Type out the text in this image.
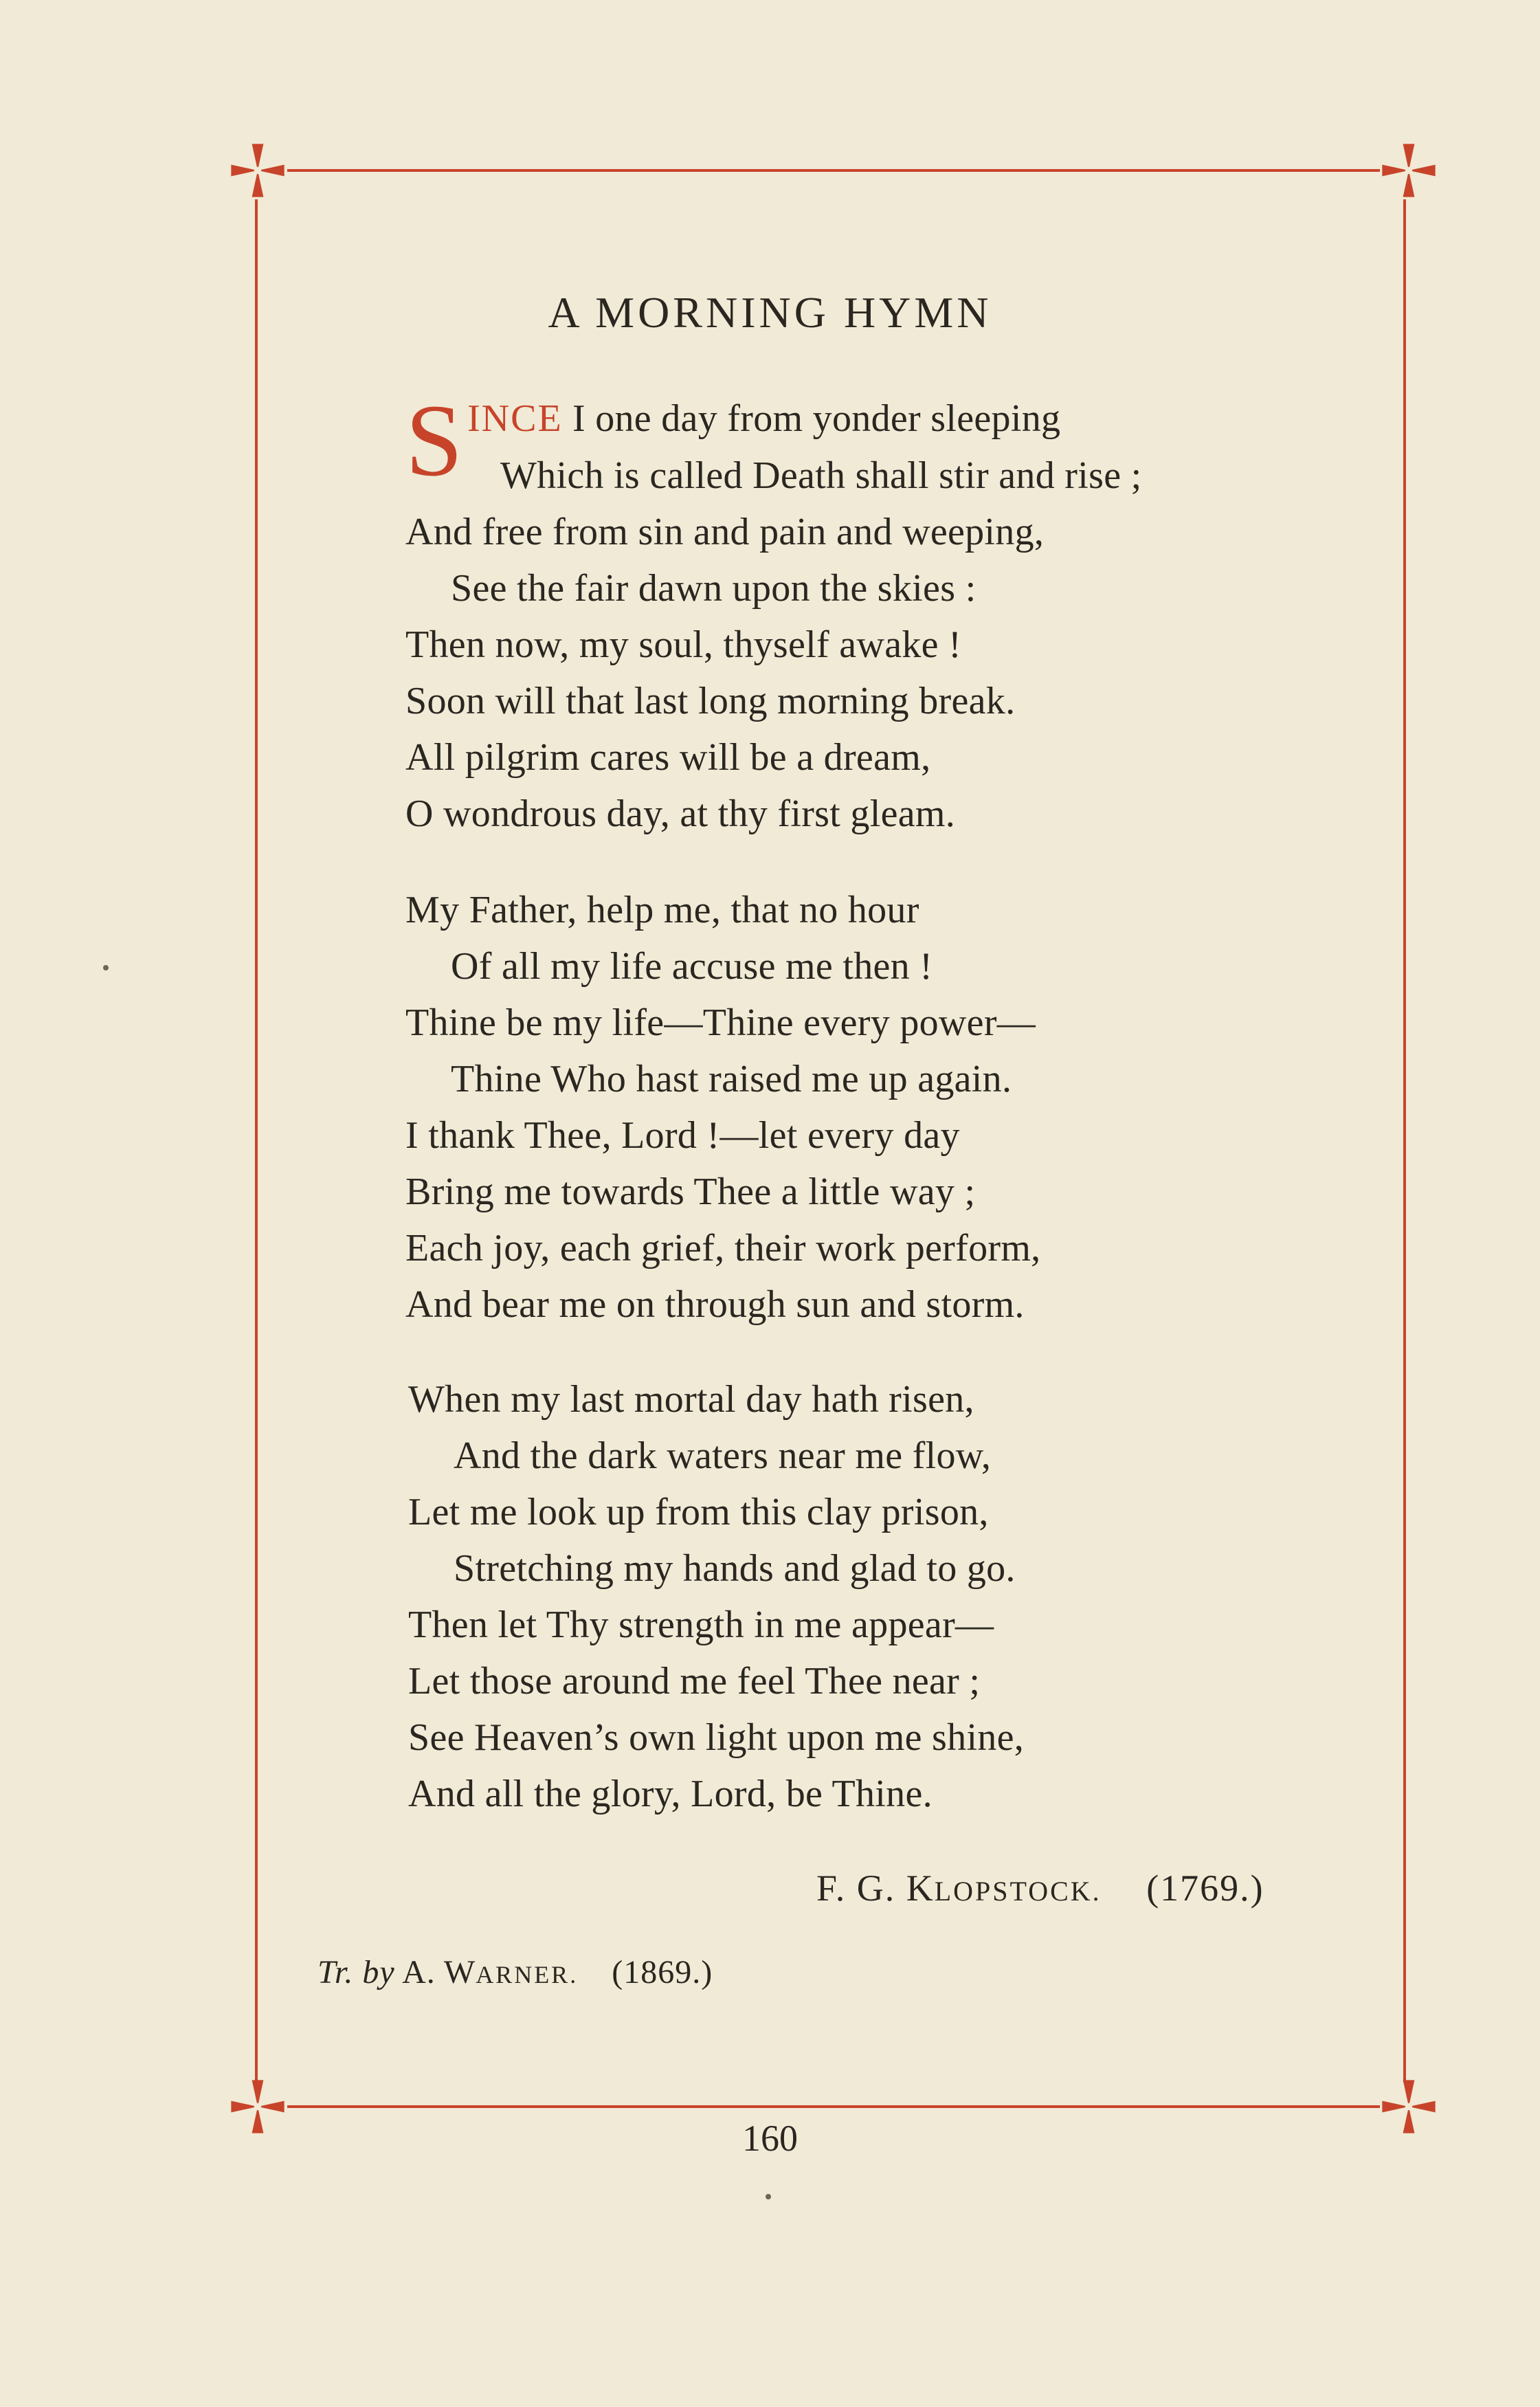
A MORNING HYMN
S INCE I one day from yonder sleeping
Which is called Death shall stir and rise ;
And free from sin and pain and weeping,
See the fair dawn upon the skies :
Then now, my soul, thyself awake !
Soon will that last long morning break.
All pilgrim cares will be a dream,
O wondrous day, at thy first gleam.
My Father, help me, that no hour
Of all my life accuse me then !
Thine be my life—Thine every power—
Thine Who hast raised me up again.
I thank Thee, Lord !—let every day
Bring me towards Thee a little way ;
Each joy, each grief, their work perform,
And bear me on through sun and storm.
When my last mortal day hath risen,
And the dark waters near me flow,
Let me look up from this clay prison,
Stretching my hands and glad to go.
Then let Thy strength in me appear—
Let those around me feel Thee near ;
See Heaven’s own light upon me shine,
And all the glory, Lord, be Thine.
F. G. KLOPSTOCK. (1769.)
Tr. by A. WARNER. (1869.)
160
